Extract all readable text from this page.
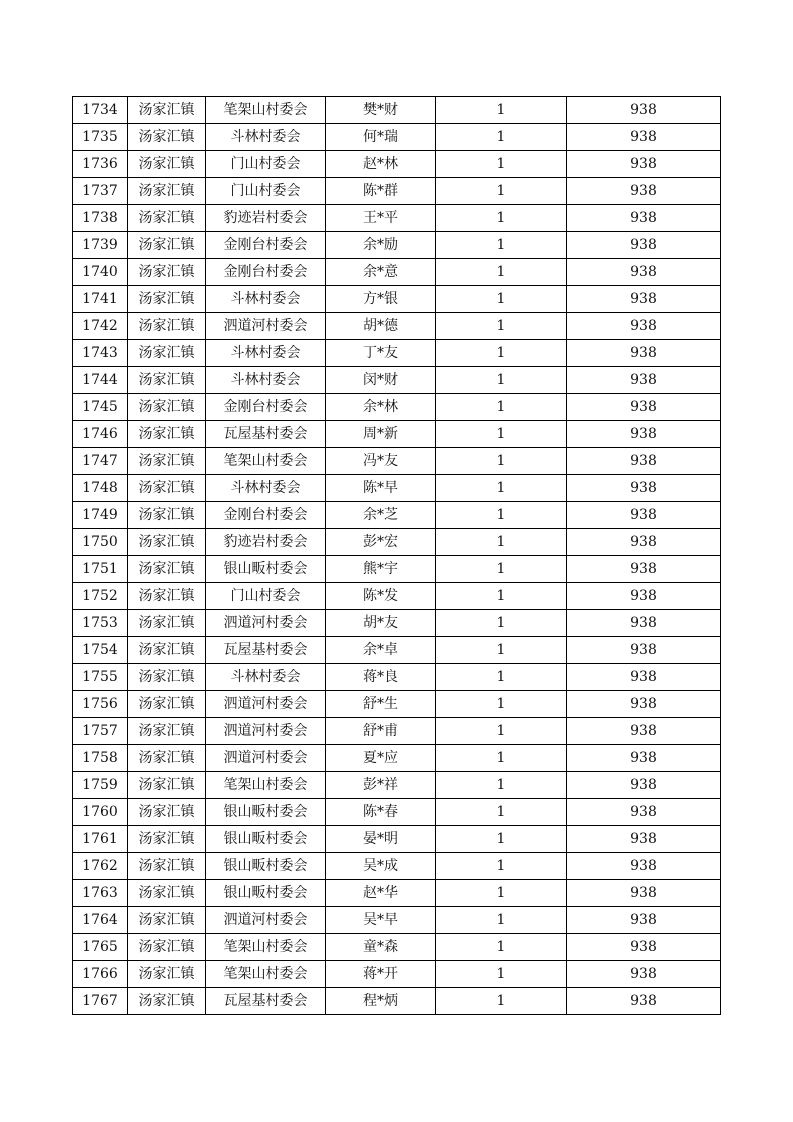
1734	汤家汇镇	笔架山村委会	樊*财	1	938
1735	汤家汇镇	斗林村委会	何*瑞	1	938
1736	汤家汇镇	门山村委会	赵*林	1	938
1737	汤家汇镇	门山村委会	陈*群	1	938
1738	汤家汇镇	豹迹岩村委会	王*平	1	938
1739	汤家汇镇	金刚台村委会	余*励	1	938
1740	汤家汇镇	金刚台村委会	余*意	1	938
1741	汤家汇镇	斗林村委会	方*银	1	938
1742	汤家汇镇	泗道河村委会	胡*德	1	938
1743	汤家汇镇	斗林村委会	丁*友	1	938
1744	汤家汇镇	斗林村委会	闵*财	1	938
1745	汤家汇镇	金刚台村委会	余*林	1	938
1746	汤家汇镇	瓦屋基村委会	周*新	1	938
1747	汤家汇镇	笔架山村委会	冯*友	1	938
1748	汤家汇镇	斗林村委会	陈*早	1	938
1749	汤家汇镇	金刚台村委会	余*芝	1	938
1750	汤家汇镇	豹迹岩村委会	彭*宏	1	938
1751	汤家汇镇	银山畈村委会	熊*宇	1	938
1752	汤家汇镇	门山村委会	陈*发	1	938
1753	汤家汇镇	泗道河村委会	胡*友	1	938
1754	汤家汇镇	瓦屋基村委会	余*卓	1	938
1755	汤家汇镇	斗林村委会	蒋*良	1	938
1756	汤家汇镇	泗道河村委会	舒*生	1	938
1757	汤家汇镇	泗道河村委会	舒*甫	1	938
1758	汤家汇镇	泗道河村委会	夏*应	1	938
1759	汤家汇镇	笔架山村委会	彭*祥	1	938
1760	汤家汇镇	银山畈村委会	陈*春	1	938
1761	汤家汇镇	银山畈村委会	晏*明	1	938
1762	汤家汇镇	银山畈村委会	吴*成	1	938
1763	汤家汇镇	银山畈村委会	赵*华	1	938
1764	汤家汇镇	泗道河村委会	吴*早	1	938
1765	汤家汇镇	笔架山村委会	童*森	1	938
1766	汤家汇镇	笔架山村委会	蒋*开	1	938
1767	汤家汇镇	瓦屋基村委会	程*炳	1	938
